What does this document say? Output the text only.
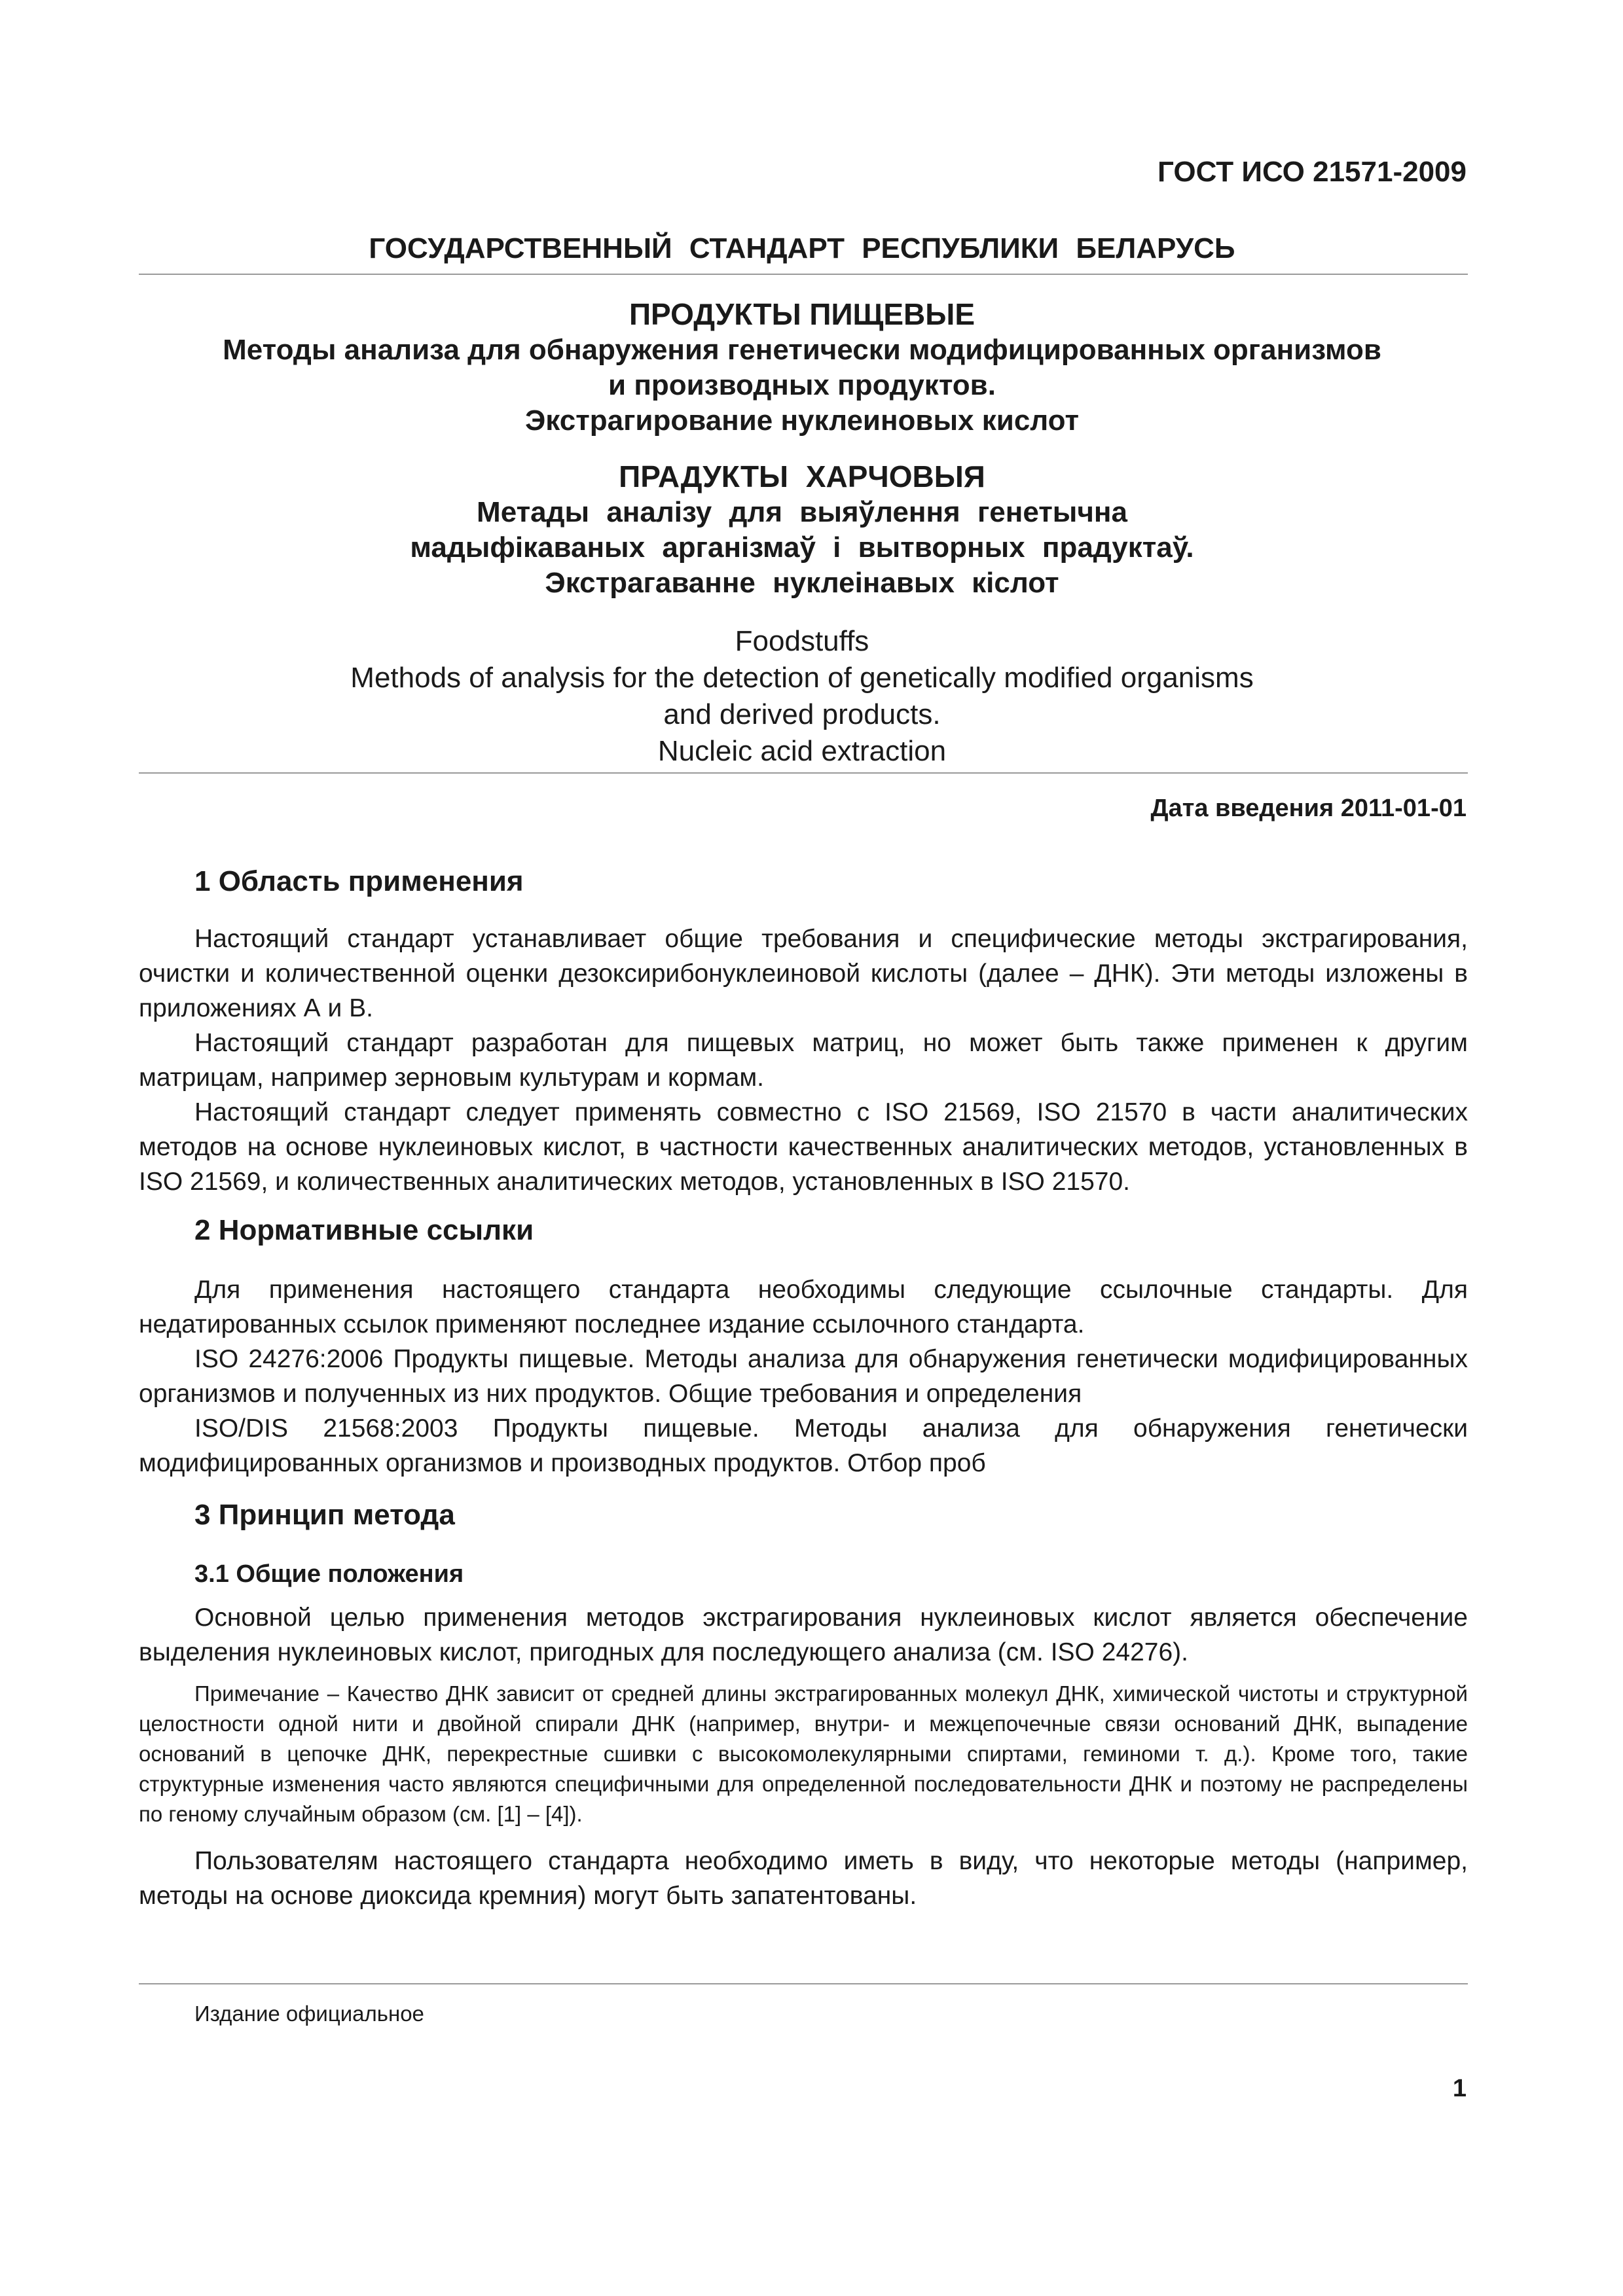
ГОСТ ИСО 21571-2009
ГОСУДАРСТВЕННЫЙ СТАНДАРТ РЕСПУБЛИКИ БЕЛАРУСЬ
ПРОДУКТЫ ПИЩЕВЫЕ
Методы анализа для обнаружения генетически модифицированных организмов
и производных продуктов.
Экстрагирование нуклеиновых кислот
ПРАДУКТЫ ХАРЧОВЫЯ
Метады аналізу для выяўлення генетычна
мадыфікаваных арганізмаў і вытворных прадуктаў.
Экстрагаванне нуклеінавых кіслот
Foodstuffs
Methods of analysis for the detection of genetically modified organisms
and derived products.
Nucleic acid extraction
Дата введения 2011-01-01
1 Область применения

Настоящий стандарт устанавливает общие требования и специфические методы экстрагирования, очистки и количественной оценки дезоксирибонуклеиновой кислоты (далее – ДНК). Эти методы изложены в приложениях А и В.

Настоящий стандарт разработан для пищевых матриц, но может быть также применен к другим матрицам, например зерновым культурам и кормам.

Настоящий стандарт следует применять совместно с ISO 21569, ISO 21570 в части аналитических методов на основе нуклеиновых кислот, в частности качественных аналитических методов, установленных в ISO 21569, и количественных аналитических методов, установленных в ISO 21570.

2 Нормативные ссылки

Для применения настоящего стандарта необходимы следующие ссылочные стандарты. Для недатированных ссылок применяют последнее издание ссылочного стандарта.

ISO 24276:2006 Продукты пищевые. Методы анализа для обнаружения генетически модифицированных организмов и полученных из них продуктов. Общие требования и определения

ISO/DIS 21568:2003 Продукты пищевые. Методы анализа для обнаружения генетически модифицированных организмов и производных продуктов. Отбор проб

3 Принцип метода
3.1 Общие положения

Основной целью применения методов экстрагирования нуклеиновых кислот является обеспечение выделения нуклеиновых кислот, пригодных для последующего анализа (см. ISO 24276).

Примечание – Качество ДНК зависит от средней длины экстрагированных молекул ДНК, химической чистоты и структурной целостности одной нити и двойной спирали ДНК (например, внутри- и межцепочечные связи оснований ДНК, выпадение оснований в цепочке ДНК, перекрестные сшивки с высокомолекулярными спиртами, геминоми т. д.). Кроме того, такие структурные изменения часто являются специфичными для определенной последовательности ДНК и поэтому не распределены по геному случайным образом (см. [1] – [4]).

Пользователям настоящего стандарта необходимо иметь в виду, что некоторые методы (например, методы на основе диоксида кремния) могут быть запатентованы.

Издание официальное
1
